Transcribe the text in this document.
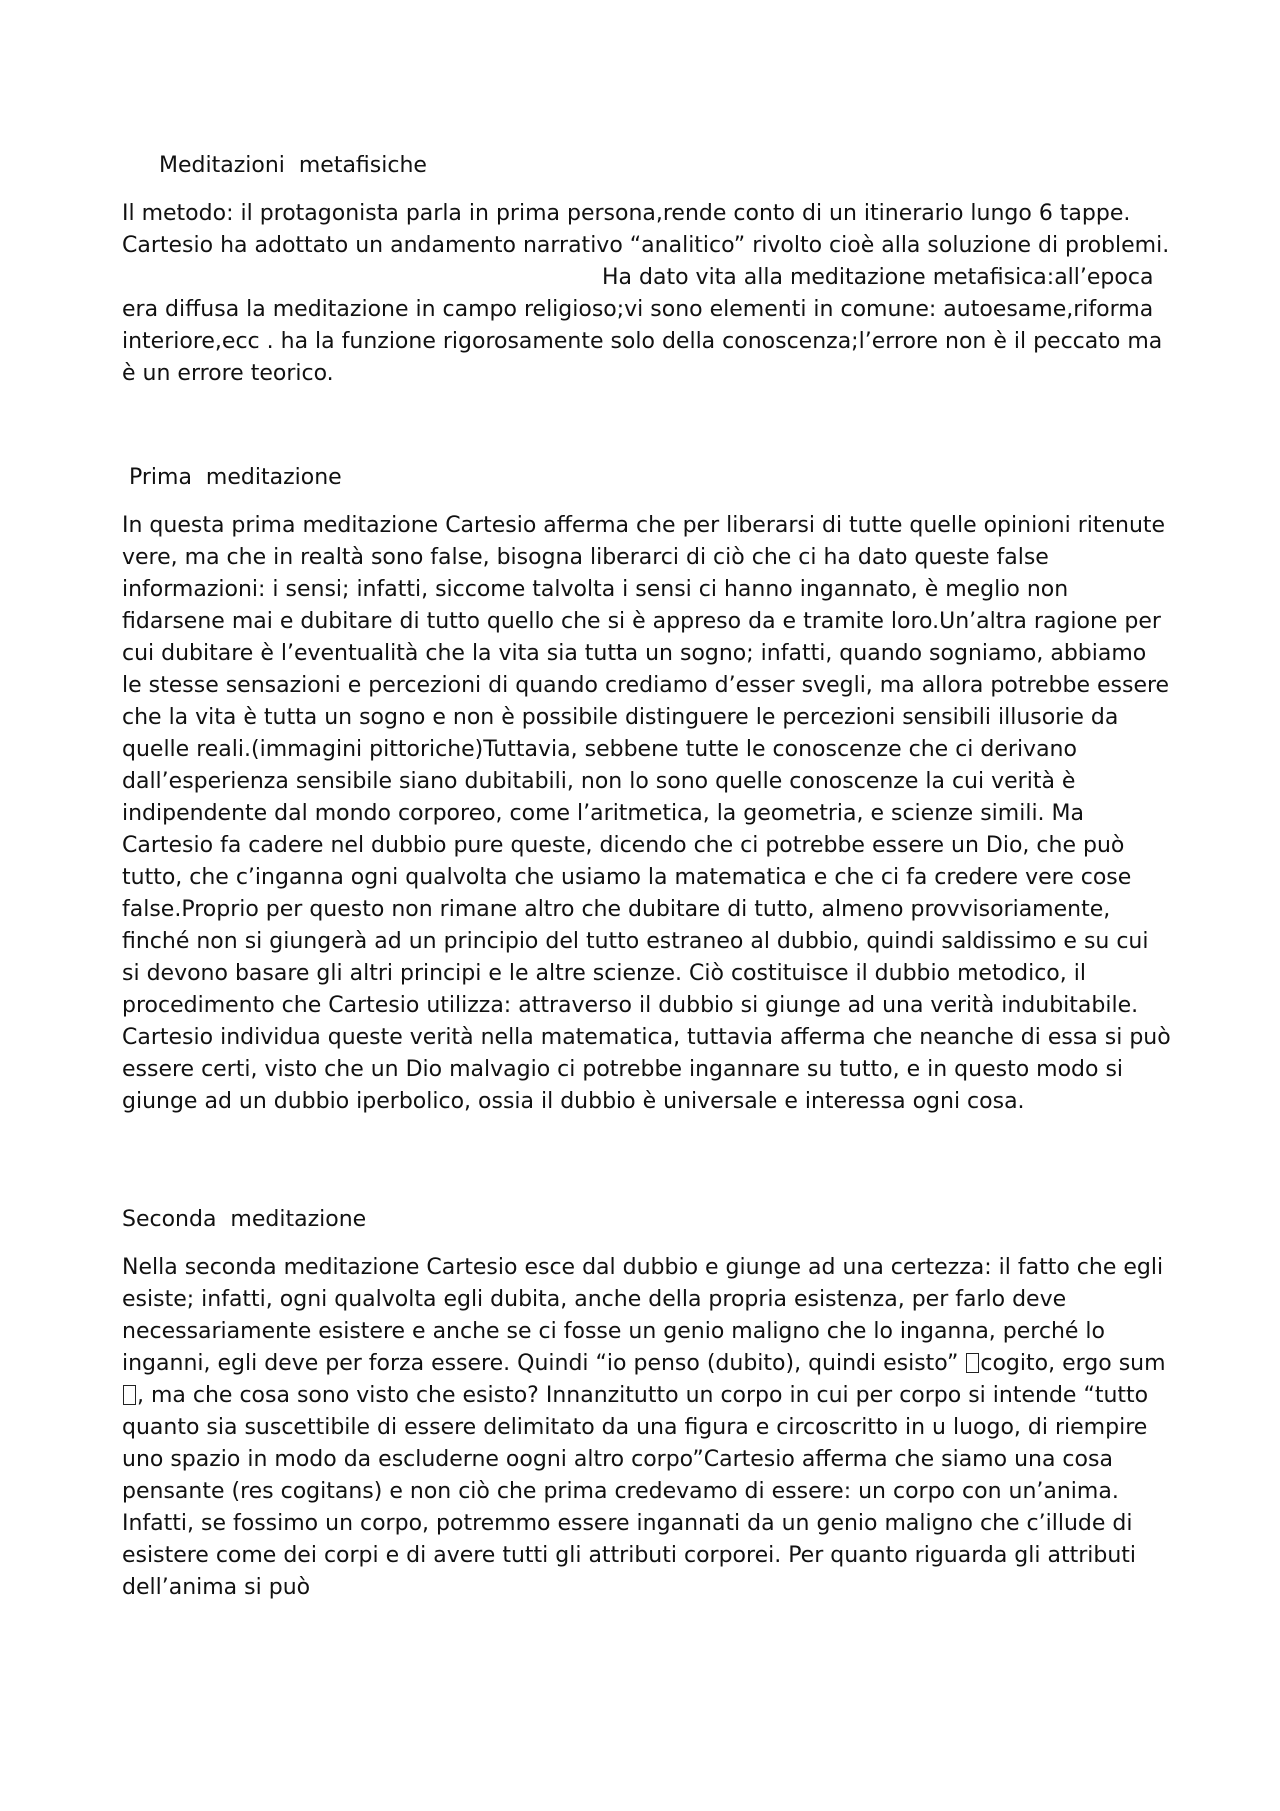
Meditazioni  metafisiche

Il metodo: il protagonista parla in prima persona,rende conto di un itinerario lungo 6 tappe. Cartesio ha adottato un andamento narrativo “analitico” rivolto cioè alla soluzione di problemi.Ha dato vita alla meditazione metafisica:all’epoca era diffusa la meditazione in campo religioso;vi sono elementi in comune: autoesame,riforma interiore,ecc . ha la funzione rigorosamente solo della conoscenza;l’errore non è il peccato ma è un errore teorico.

Prima  meditazione

In questa prima meditazione Cartesio afferma che per liberarsi di tutte quelle opinioni ritenute vere, ma che in realtà sono false, bisogna liberarci di ciò che ci ha dato queste false informazioni: i sensi; infatti, siccome talvolta i sensi ci hanno ingannato, è meglio non fidarsene mai e dubitare di tutto quello che si è appreso da e tramite loro.Un’altra ragione per cui dubitare è l’eventualità che la vita sia tutta un sogno; infatti, quando sogniamo, abbiamo le stesse sensazioni e percezioni di quando crediamo d’esser svegli, ma allora potrebbe essere che la vita è tutta un sogno e non è possibile distinguere le percezioni sensibili illusorie da quelle reali.(immagini pittoriche)Tuttavia, sebbene tutte le conoscenze che ci derivano dall’esperienza sensibile siano dubitabili, non lo sono quelle conoscenze la cui verità è indipendente dal mondo corporeo, come l’aritmetica, la geometria, e scienze simili. Ma Cartesio fa cadere nel dubbio pure queste, dicendo che ci potrebbe essere un Dio, che può tutto, che c’inganna ogni qualvolta che usiamo la matematica e che ci fa credere vere cose false.Proprio per questo non rimane altro che dubitare di tutto, almeno provvisoriamente, finché non si giungerà ad un principio del tutto estraneo al dubbio, quindi saldissimo e su cui si devono basare gli altri principi e le altre scienze. Ciò costituisce il dubbio metodico, il procedimento che Cartesio utilizza: attraverso il dubbio si giunge ad una verità indubitabile. Cartesio individua queste verità nella matematica, tuttavia afferma che neanche di essa si può essere certi, visto che un Dio malvagio ci potrebbe ingannare su tutto, e in questo modo si giunge ad un dubbio iperbolico, ossia il dubbio è universale e interessa ogni cosa.

Seconda  meditazione

Nella seconda meditazione Cartesio esce dal dubbio e giunge ad una certezza: il fatto che egli esiste; infatti, ogni qualvolta egli dubita, anche della propria esistenza, per farlo deve necessariamente esistere e anche se ci fosse un genio maligno che lo inganna, perché lo inganni, egli deve per forza essere. Quindi “io penso (dubito), quindi esisto” cogito, ergo sum, ma che cosa sono visto che esisto? Innanzitutto un corpo in cui per corpo si intende “tutto quanto sia suscettibile di essere delimitato da una figura e circoscritto in u luogo, di riempire uno spazio in modo da escluderne oogni altro corpo”Cartesio afferma che siamo una cosa pensante (res cogitans) e non ciò che prima credevamo di essere: un corpo con un’anima. Infatti, se fossimo un corpo, potremmo essere ingannati da un genio maligno che c’illude di esistere come dei corpi e di avere tutti gli attributi corporei. Per quanto riguarda gli attributi dell’anima si può
